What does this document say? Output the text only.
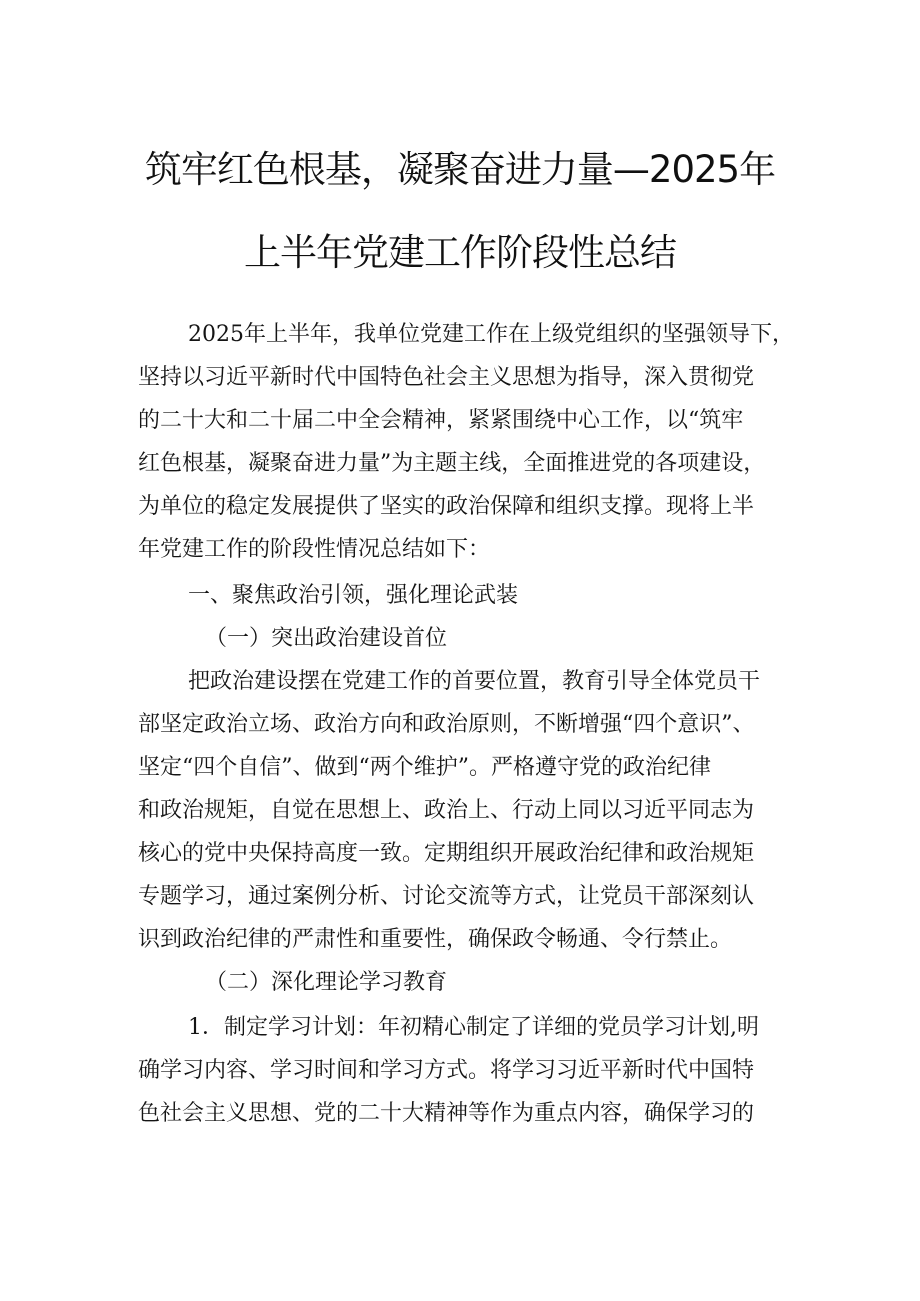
筑牢红色根基，凝聚奋进力量—2025年
上半年党建工作阶段性总结
2025年上半年，我单位党建工作在上级党组织的坚强领导下，
坚持以习近平新时代中国特色社会主义思想为指导，深入贯彻党
的二十大和二十届二中全会精神，紧紧围绕中心工作，以“筑牢
红色根基，凝聚奋进力量”为主题主线，全面推进党的各项建设，
为单位的稳定发展提供了坚实的政治保障和组织支撑。现将上半
年党建工作的阶段性情况总结如下：
一、聚焦政治引领，强化理论武装
（一）突出政治建设首位
把政治建设摆在党建工作的首要位置，教育引导全体党员干
部坚定政治立场、政治方向和政治原则，不断增强“四个意识”、
坚定“四个自信”、做到“两个维护”。严格遵守党的政治纪律
和政治规矩，自觉在思想上、政治上、行动上同以习近平同志为
核心的党中央保持高度一致。定期组织开展政治纪律和政治规矩
专题学习，通过案例分析、讨论交流等方式，让党员干部深刻认
识到政治纪律的严肃性和重要性，确保政令畅通、令行禁止。
（二）深化理论学习教育
1．制定学习计划：年初精心制定了详细的党员学习计划,明
确学习内容、学习时间和学习方式。将学习习近平新时代中国特
色社会主义思想、党的二十大精神等作为重点内容，确保学习的
